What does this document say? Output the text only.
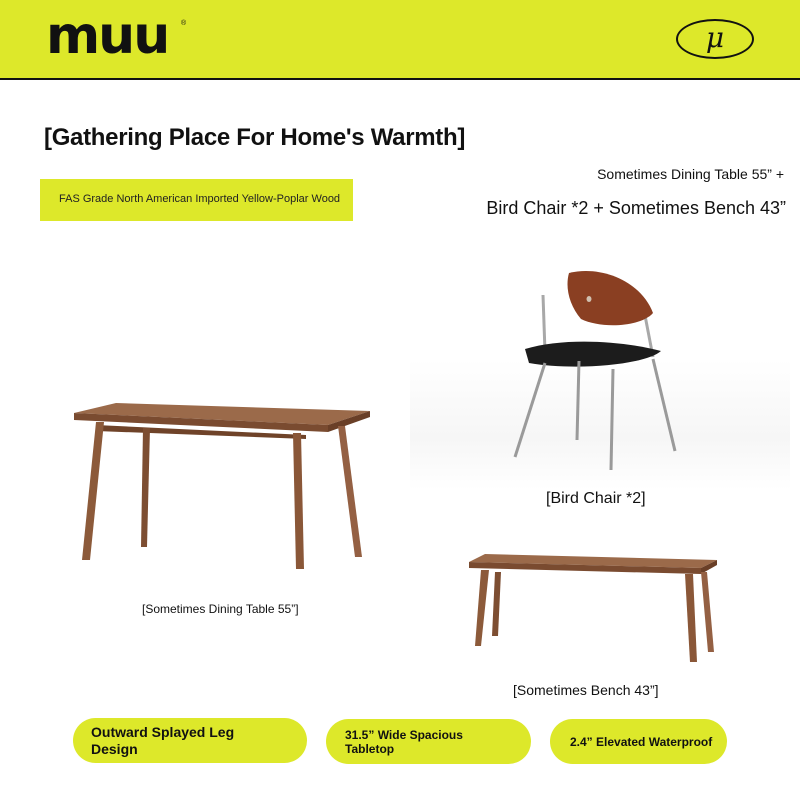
muu ®	μ
[Gathering Place For Home's Warmth]
FAS Grade North American Imported Yellow-Poplar Wood
Sometimes Dining Table 55” +
Bird Chair *2 + Sometimes Bench 43”
[Sometimes Dining Table 55”]
[Bird Chair *2]
[Sometimes Bench 43”]
Outward Splayed Leg Design
31.5” Wide Spacious Tabletop
2.4” Elevated Waterproof
